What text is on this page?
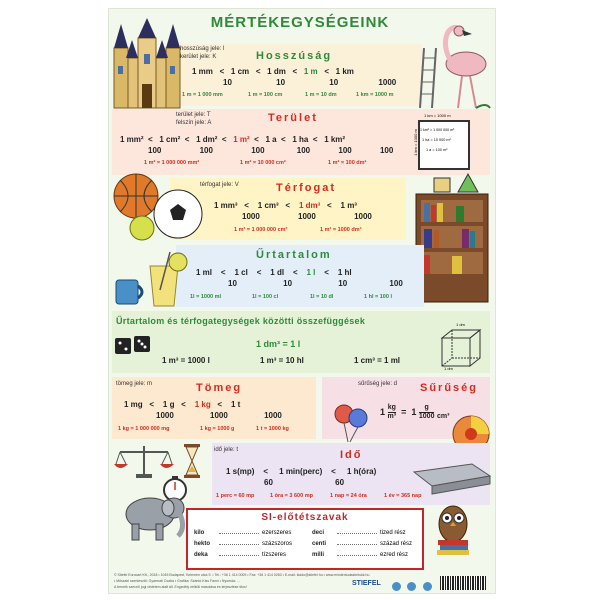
MÉRTÉKEGYSÉGEINK
hosszúság jele: l
kerület jele: K	Hosszúság
1 mm < 1 cm < 1 dm < 1 m < 1 km
10	10	10	1000
1 m = 1 000 mm	1 m = 100 cm	1 m = 10 dm	1 km = 1000 m
terület jele: T
felszín jele: A	Terület
1 mm² < 1 cm² < 1 dm² < 1 m² < 1 a < 1 ha < 1 km²
100	100	100	100	100	100
1 m² = 1 000 000 mm²	1 m² = 10 000 cm²	1 m² = 100 dm²
1 km = 1000 m
1 km² = 1 000 000 m²
1 ha = 10 000 m²
1 a = 100 m²
1 km = 1000 m
térfogat jele: V	Térfogat
1 mm³ < 1 cm³ < 1 dm³ < 1 m³
1000	1000	1000
1 m³ = 1 000 000 cm³	1 m³ = 1000 dm³
Űrtartalom
1 ml < 1 cl < 1 dl < 1 l < 1 hl
10	10	10	100
1l = 1000 ml	1l = 100 cl	1l = 10 dl	1 hl = 100 l
Űrtartalom és térfogategységek közötti összefüggések
1 dm³ = 1 l
1 m³ = 1000 l	1 m³ = 10 hl	1 cm³ = 1 ml
1 dm
1 dm
tömeg jele: m	Tömeg
1 mg < 1 g < 1 kg < 1 t
1000	1000	1000
1 kg = 1 000 000 mg	1 kg = 1000 g	1 t = 1000 kg
sűrűség jele: d Sűrűség
$1 \frac{kg}{\text{m³}} = 1 \frac{g}{1000}$

cm³
idő jele: t	Idő
1 s(mp) < 1 min(perc) < 1 h(óra)
60	60
1 perc = 60 mp	1 óra = 3 600 mp	1 nap = 24 óra	1 év = 365 nap
SI-előtétszavak
kilo	ezerszeres
hekto	százszoros
deka	tízszeres
deci	tized rész
centi	század rész
milli	ezred rész
© Stiefel Eurocart Kft., 2018 • 1045 Budapest, Kelemen utca 9. • Tel.: +36 1 414 0009 • Fax: +36 1 414 0260 • E-mail: kiado@stiefel.hu • www.mindentudasbetukk.hu
• Műszaki szerkesztő: Gyarmati Csaba • Grafika: Szántó-Kiss Fanni • Nyomda: ...
A termék szerzői jogi védelem alatt áll. Engedély nélküli másolása és terjesztése tilos!	STIEFEL
